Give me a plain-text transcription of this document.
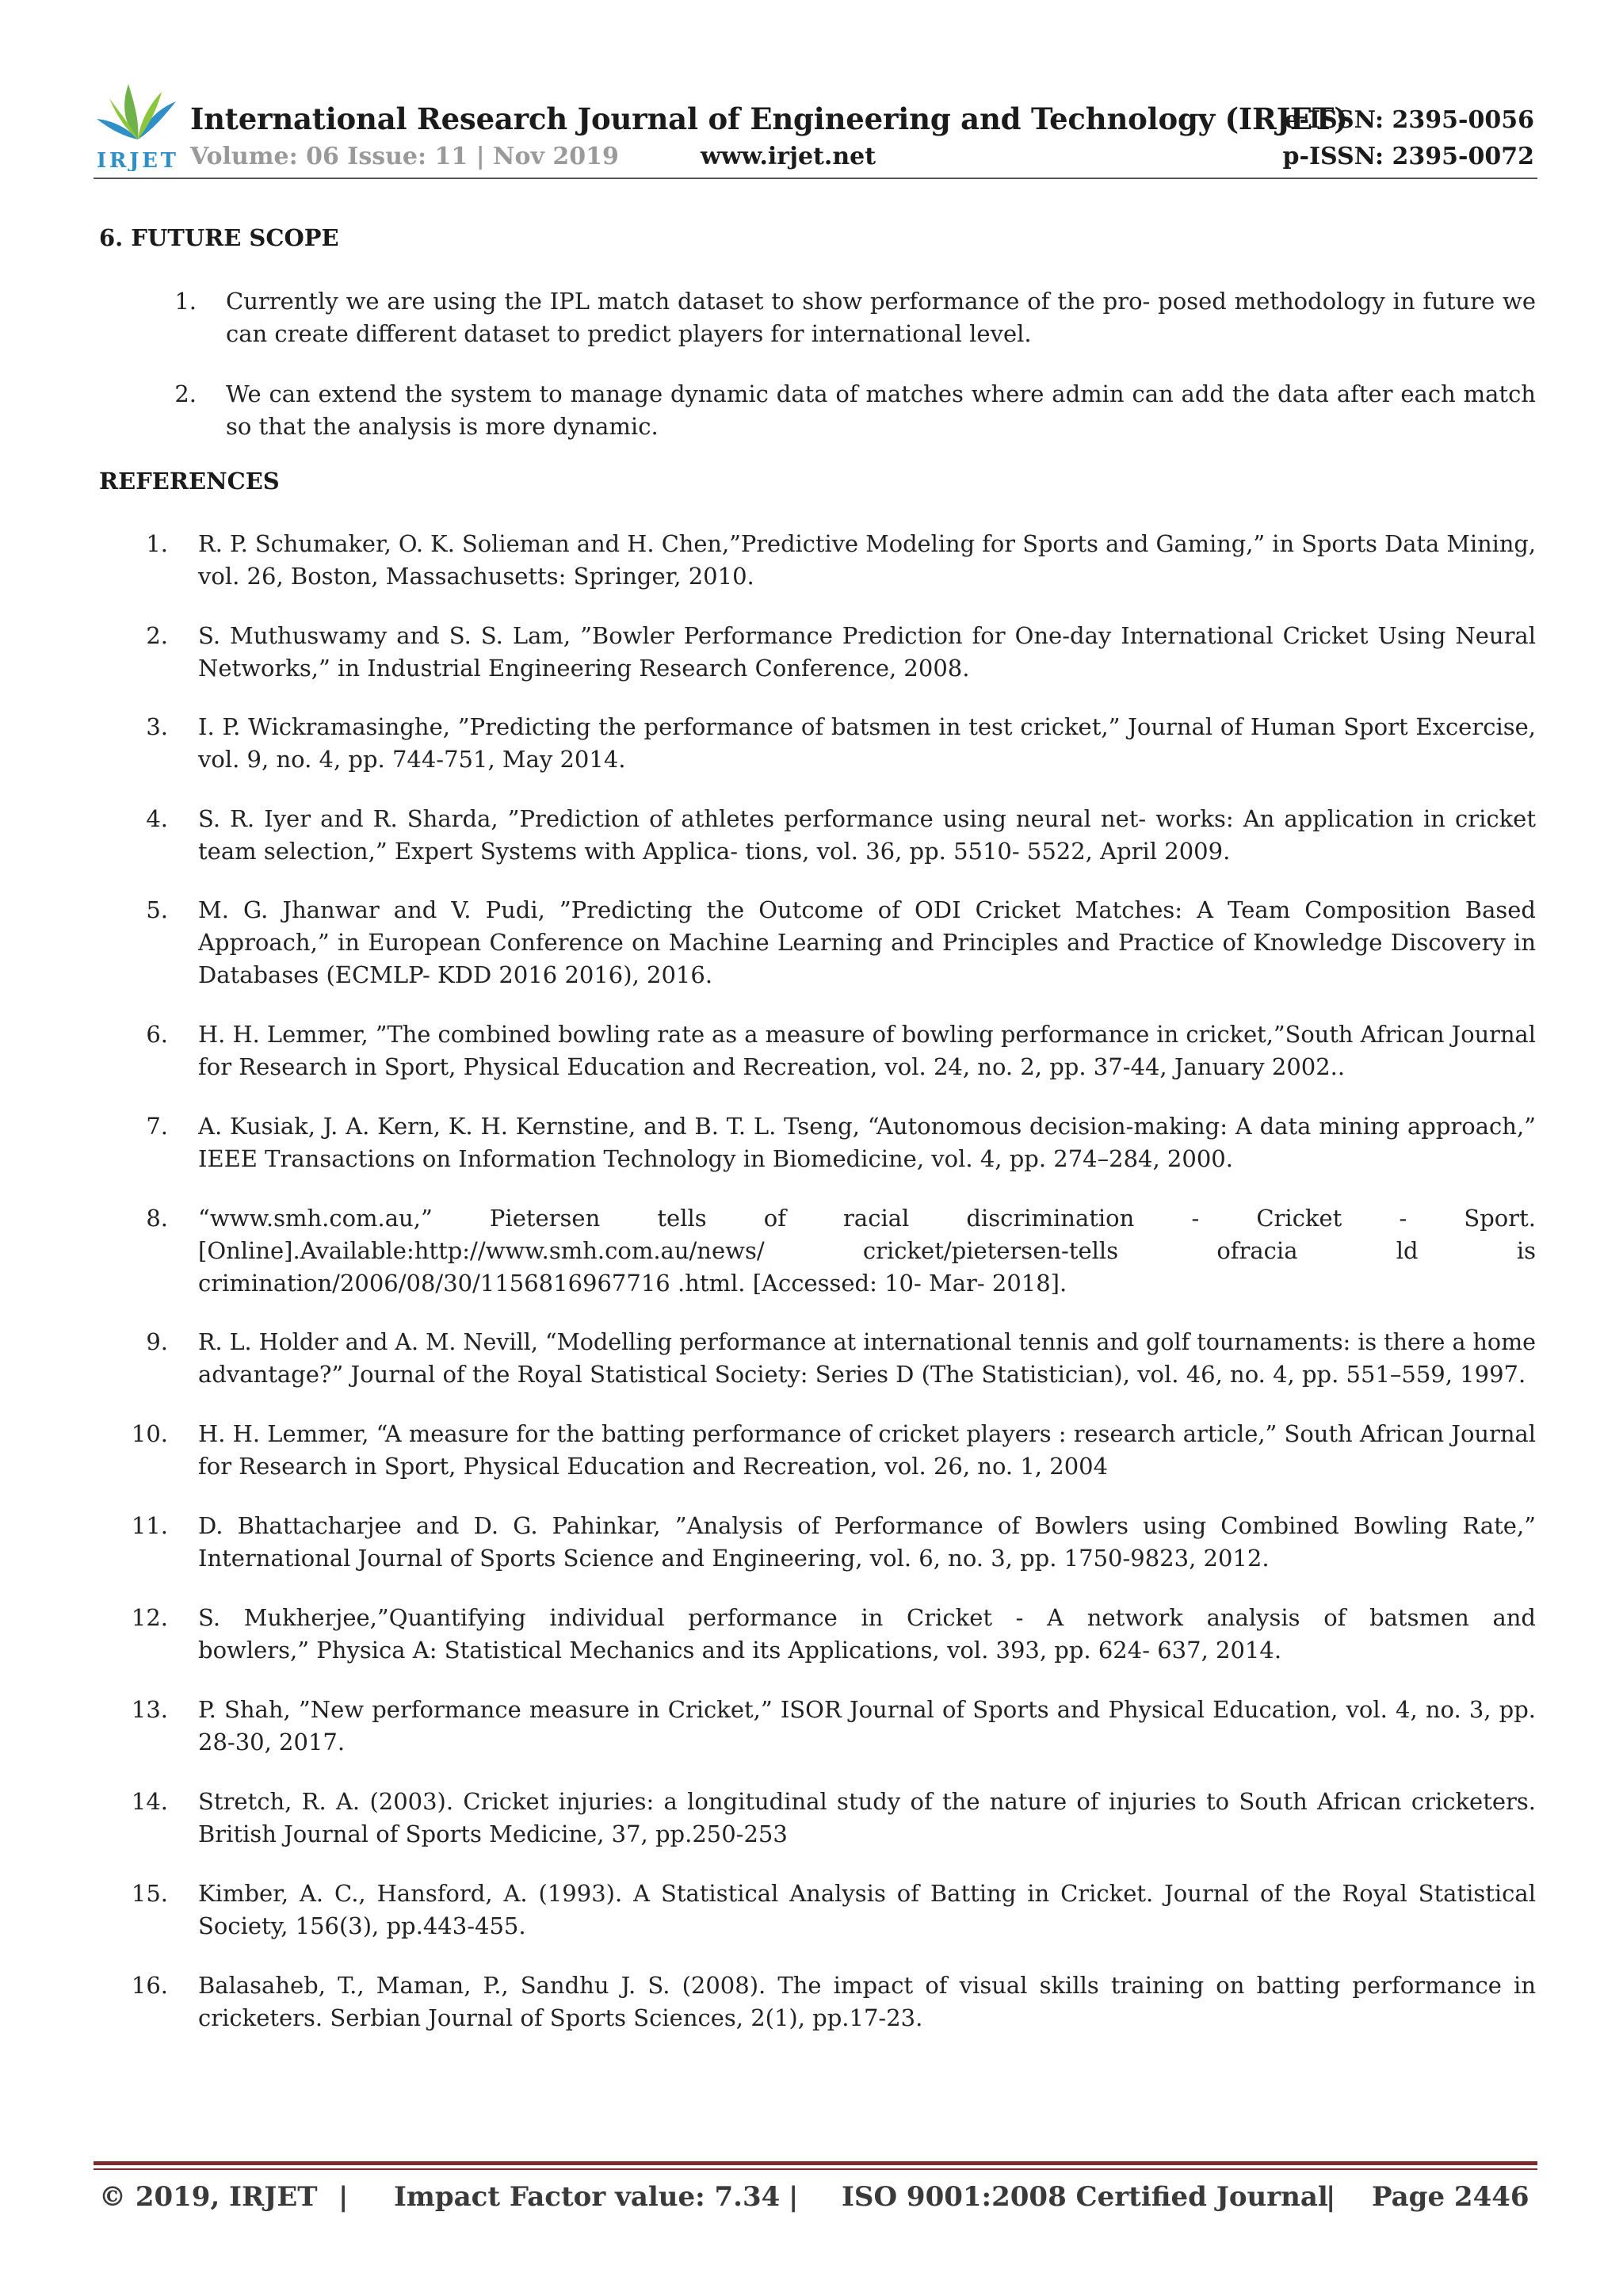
IRJET
International Research Journal of Engineering and Technology (IRJET)
Volume: 06 Issue: 11 | Nov 2019	www.irjet.net
e-ISSN: 2395-0056
p-ISSN: 2395-0072
6. FUTURE SCOPE
1. Currently we are using the IPL match dataset to show performance of the pro- posed methodology in future we
can create different dataset to predict players for international level.
2. We can extend the system to manage dynamic data of matches where admin can add the data after each match
so that the analysis is more dynamic.
REFERENCES
1. R. P. Schumaker, O. K. Solieman and H. Chen,”Predictive Modeling for Sports and Gaming,” in Sports Data Mining,
vol. 26, Boston, Massachusetts: Springer, 2010.
2. S. Muthuswamy and S. S. Lam, ”Bowler Performance Prediction for One-day International Cricket Using Neural
Networks,” in Industrial Engineering Research Conference, 2008.
3. I. P. Wickramasinghe, ”Predicting the performance of batsmen in test cricket,” Journal of Human Sport Excercise,
vol. 9, no. 4, pp. 744-751, May 2014.
4. S. R. Iyer and R. Sharda, ”Prediction of athletes performance using neural net- works: An application in cricket
team selection,” Expert Systems with Applica- tions, vol. 36, pp. 5510- 5522, April 2009.
5. M. G. Jhanwar and V. Pudi, ”Predicting the Outcome of ODI Cricket Matches: A Team Composition Based
Approach,” in European Conference on Machine Learning and Principles and Practice of Knowledge Discovery in
Databases (ECMLP- KDD 2016 2016), 2016.
6. H. H. Lemmer, ”The combined bowling rate as a measure of bowling performance in cricket,”South African Journal
for Research in Sport, Physical Education and Recreation, vol. 24, no. 2, pp. 37-44, January 2002..
7. A. Kusiak, J. A. Kern, K. H. Kernstine, and B. T. L. Tseng, “Autonomous decision-making: A data mining approach,”
IEEE Transactions on Information Technology in Biomedicine, vol. 4, pp. 274–284, 2000.
8. “www.smh.com.au,” Pietersen tells of racial discrimination - Cricket - Sport.
[Online].Available:http://www.smh.com.au/news/ cricket/pietersen-tells ofracia ld is
crimination/2006/08/30/1156816967716 .html. [Accessed: 10- Mar- 2018].
9. R. L. Holder and A. M. Nevill, “Modelling performance at international tennis and golf tournaments: is there a home
advantage?” Journal of the Royal Statistical Society: Series D (The Statistician), vol. 46, no. 4, pp. 551–559, 1997.
10. H. H. Lemmer, “A measure for the batting performance of cricket players : research article,” South African Journal
for Research in Sport, Physical Education and Recreation, vol. 26, no. 1, 2004
11. D. Bhattacharjee and D. G. Pahinkar, ”Analysis of Performance of Bowlers using Combined Bowling Rate,”
International Journal of Sports Science and Engineering, vol. 6, no. 3, pp. 1750-9823, 2012.
12. S. Mukherjee,”Quantifying individual performance in Cricket - A network analysis of batsmen and
bowlers,” Physica A: Statistical Mechanics and its Applications, vol. 393, pp. 624- 637, 2014.
13. P. Shah, ”New performance measure in Cricket,” ISOR Journal of Sports and Physical Education, vol. 4, no. 3, pp.
28-30, 2017.
14. Stretch, R. A. (2003). Cricket injuries: a longitudinal study of the nature of injuries to South African cricketers.
British Journal of Sports Medicine, 37, pp.250-253
15. Kimber, A. C., Hansford, A. (1993). A Statistical Analysis of Batting in Cricket. Journal of the Royal Statistical
Society, 156(3), pp.443-455.
16. Balasaheb, T., Maman, P., Sandhu J. S. (2008). The impact of visual skills training on batting performance in
cricketers. Serbian Journal of Sports Sciences, 2(1), pp.17-23.
© 2019, IRJET | Impact Factor value: 7.34 | ISO 9001:2008 Certified Journal
| Page 2446
